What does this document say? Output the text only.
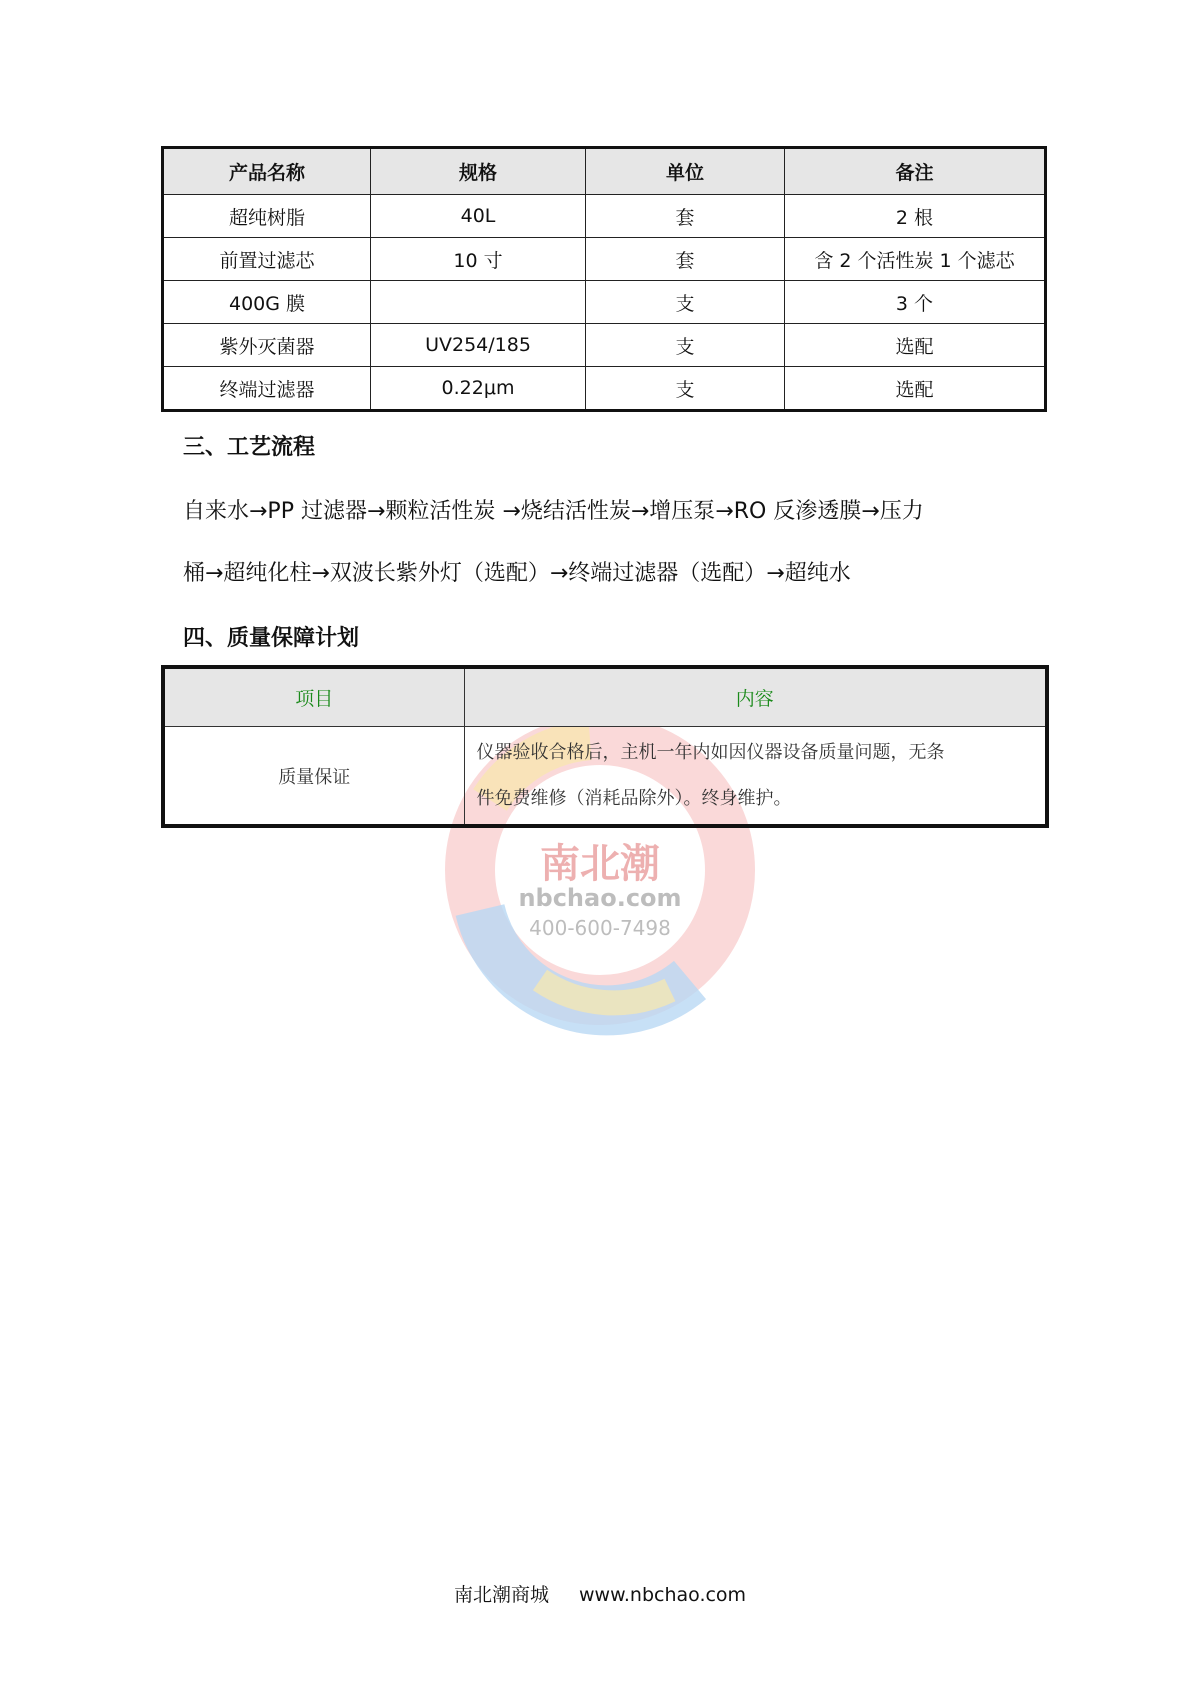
产品名称	规格	单位	备注
超纯树脂	40L	套	2 根
前置过滤芯	10 寸	套	含 2 个活性炭 1 个滤芯
400G 膜		支	3 个
紫外灭菌器	UV254/185	支	选配
终端过滤器	0.22μm	支	选配
三、工艺流程
自来水→PP 过滤器→颗粒活性炭 →烧结活性炭→增压泵→RO 反渗透膜→压力
桶→超纯化柱→双波长紫外灯（选配）→终端过滤器（选配）→超纯水
四、质量保障计划
南北潮
nbchao.com
400-600-7498
项目	内容
质量保证	仪器验收合格后，主机一年内如因仪器设备质量问题，无条
件免费维修（消耗品除外）。终身维护。
南北潮商城 www.nbchao.com
